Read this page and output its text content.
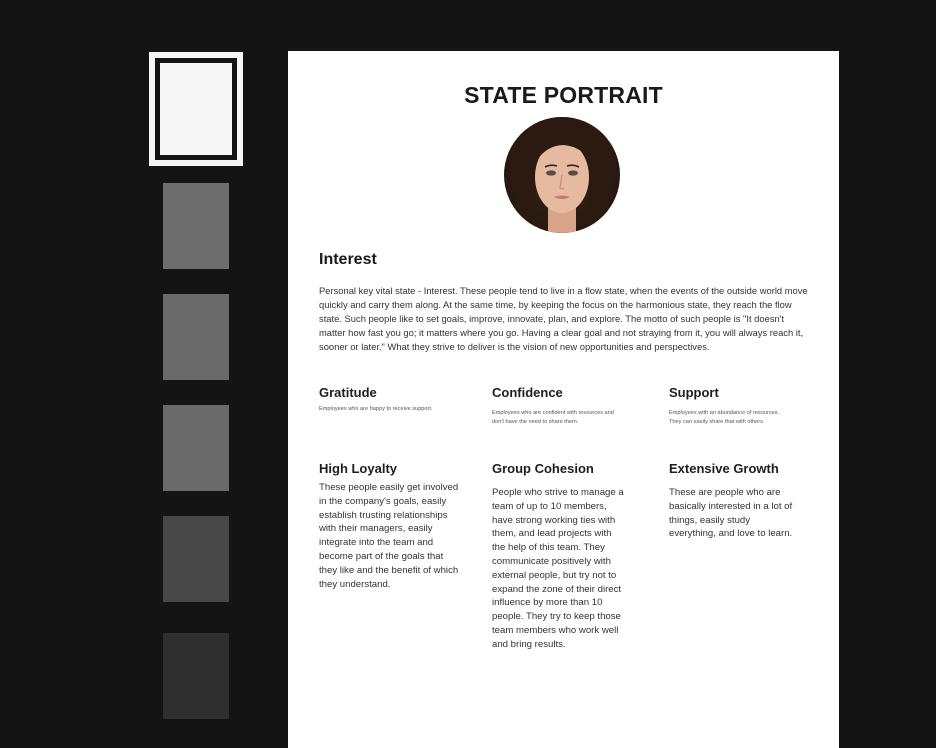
STATE PORTRAIT
Interest
Personal key vital state - Interest. These people tend to live in a flow state, when the events of the outside world move quickly and carry them along. At the same time, by keeping the focus on the harmonious state, they reach the flow state. Such people like to set goals, improve, innovate, plan, and explore. The motto of such people is "It doesn't matter how fast you go; it matters where you go. Having a clear goal and not straying from it, you will always reach it, sooner or later." What they strive to deliver is the vision of new opportunities and perspectives.
Gratitude
Employees who are happy to receive support.
Confidence
Employees who are confident with resources and don't have the need to share them.
Support
Employees with an abundance of resources. They can easily share that with others.
High Loyalty
These people easily get involved in the company's goals, easily establish trusting relationships with their managers, easily integrate into the team and become part of the goals that they like and the benefit of which they understand.
Group Cohesion
People who strive to manage a team of up to 10 members, have strong working ties with them, and lead projects with the help of this team. They communicate positively with external people, but try not to expand the zone of their direct influence by more than 10 people. They try to keep those team members who work well and bring results.
Extensive Growth
These are people who are basically interested in a lot of things, easily study everything, and love to learn.
